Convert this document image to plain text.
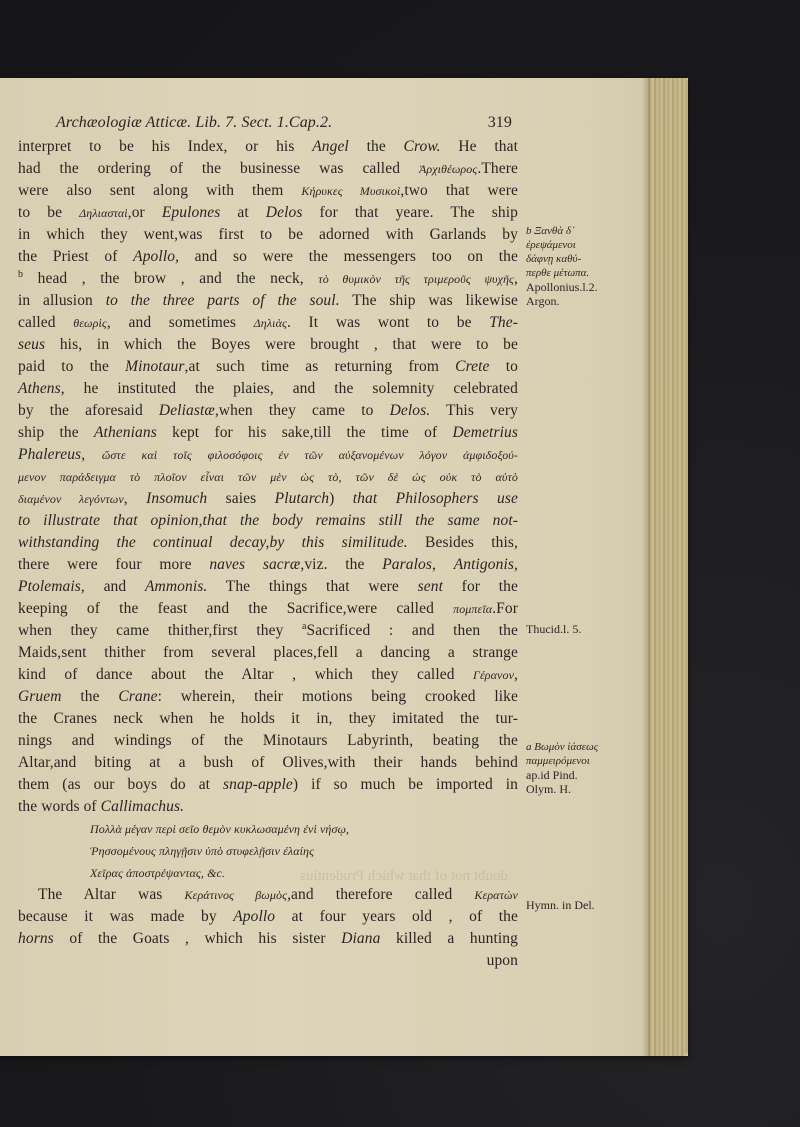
doubt not of that which Prudentius
Archæologiæ Atticæ. Lib. 7. Sect. 1.Cap.2.	319
interpret to be his Index, or his Angel the Crow. He that
had the ordering of the businesse was called Ἀρχιθέωρος.There
were also sent along with them Κήρυκες Μυσικοὶ,two that were
to be Δηλιασταὶ,or Epulones at Delos for that yeare. The ship
in which they went,was first to be adorned with Garlands by
the Priest of Apollo, and so were the messengers too on the
$^b$ head , the brow , and the neck, τὸ θυμικὸν τῆς τριμεροῦς ψυχῆς,
in allusion to the three parts of the soul. The ship was likewise
called θεωρὶς, and sometimes Δηλιὰς. It was wont to be The-
seus his, in which the Boyes were brought , that were to be
paid to the Minotaur,at such time as returning from Crete to
Athens, he instituted the plaies, and the solemnity celebrated
by the aforesaid Deliastæ,when they came to Delos. This very
ship the Athenians kept for his sake,till the time of Demetrius
Phalereus, ὥστε καὶ τοῖς φιλοσόφοις ἐν τῶν αὐξανομένων λόγον ἀμφιδοξού-
μενον παράδειγμα τὸ πλοῖον εἶναι τῶν μὲν ὡς τὸ, τῶν δὲ ὡς οὐκ τὸ αὐτὸ
διαμένον λεγόντων, Insomuch saies Plutarch) that Philosophers use
to illustrate that opinion,that the body remains still the same not-
withstanding the continual decay,by this similitude. Besides this,
there were four more naves sacræ,viz. the Paralos, Antigonis,
Ptolemais, and Ammonis. The things that were sent for the
keeping of the feast and the Sacrifice,were called πομπεῖα.For
when they came thither,first they $^a$Sacrificed : and then the
Maids,sent thither from several places,fell a dancing a strange
kind of dance about the Altar , which they called Γέρανον,
Gruem the Crane: wherein, their motions being crooked like
the Cranes neck when he holds it in, they imitated the tur-
nings and windings of the Minotaurs Labyrinth, beating the
Altar,and biting at a bush of Olives,with their hands behind
them (as our boys do at snap-apple) if so much be imported in
the words of Callimachus.
Πολλὰ μέγαν περὶ σεῖο θεμὸν κυκλωσαμένη ἐνὶ νήσῳ,
Ῥησσομένους πληγῇσιν ὑπὸ στυφελῇσιν ἐλαίης
Χεῖρας ἀποστρέψαντας, &c.
The Altar was Κεράτινος βωμὸς,and therefore called Κερατὼν
because it was made by Apollo at four years old , of the
horns of the Goats , which his sister Diana killed a hunting
upon
b Ξανθὰ δ᾽
ἐρεψάμενοι
δάφνῃ καθύ-
περθε μέτωπα.
Apollonius.l.2.
Argon.
Thucid.l. 5.
a Βωμὸν ἰάσεως
παμμειρόμενοι
ap.id Pind.
Olym. H.
Hymn. in Del.
